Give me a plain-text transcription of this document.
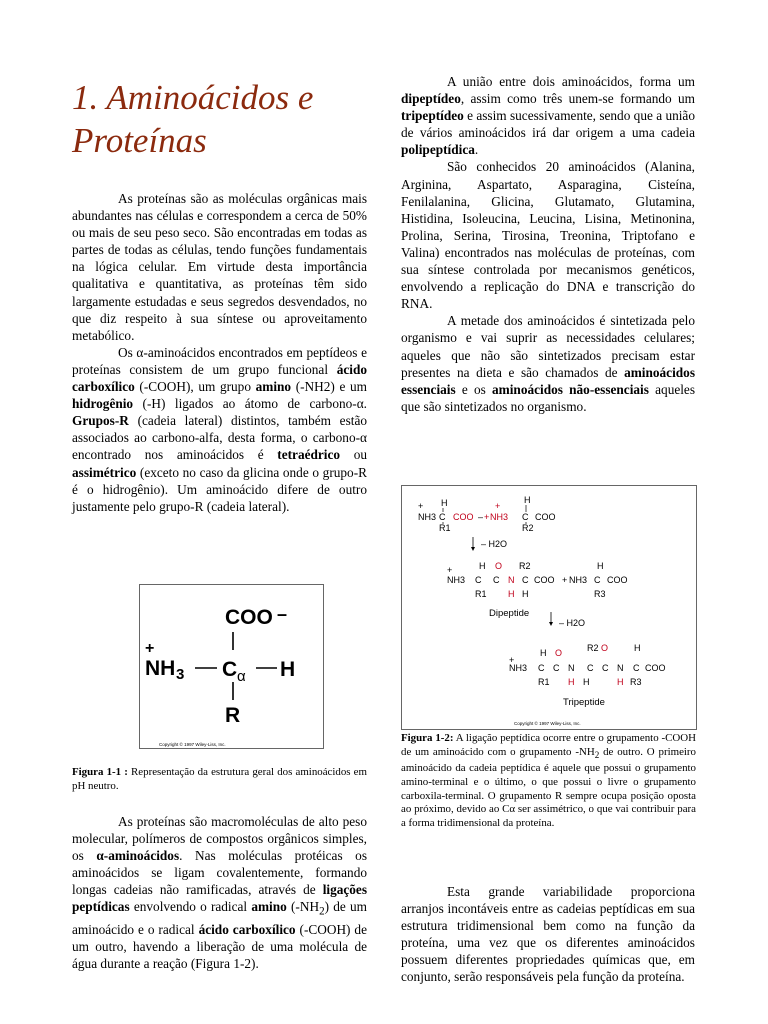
1. Aminoácidos e Proteínas

As proteínas são as moléculas orgânicas mais abundantes nas células e correspondem a cerca de 50% ou mais de seu peso seco. São encontradas em todas as partes de todas as células, tendo funções fundamentais na lógica celular. Em virtude desta importância qualitativa e quantitativa, as proteínas têm sido largamente estudadas e seus segredos desvendados, no que diz respeito à sua síntese ou aproveitamento metabólico.

Os α-aminoácidos encontrados em peptídeos e proteínas consistem de um grupo funcional ácido carboxílico (-COOH), um grupo amino (-NH2) e um hidrogênio (-H) ligados ao átomo de carbono-α. Grupos-R (cadeia lateral) distintos, também estão associados ao carbono-alfa, desta forma, o carbono-α encontrado nos aminoácidos é tetraédrico ou assimétrico (exceto no caso da glicina onde o grupo-R é o hidrogênio). Um aminoácido difere de outro justamente pelo grupo-R (cadeia lateral).

COO –
+
NH 3 C α H
R
Copyright © 1997 Wiley-Liss, Inc.
Figura 1-1 : Representação da estrutura geral dos aminoácidos em pH neutro.

As proteínas são macromoléculas de alto peso molecular, polímeros de compostos orgânicos simples, os α-aminoácidos. Nas moléculas protéicas os aminoácidos se ligam covalentemente, formando longas cadeias não ramificadas, através de ligações peptídicas envolvendo o radical amino $(-NH_2)$ de um aminoácido e o radical ácido carboxílico (-COOH) de um outro, havendo a liberação de uma molécula de água durante a reação (Figura 1-2).

A união entre dois aminoácidos, forma um dipeptídeo, assim como três unem-se formando um tripeptídeo e assim sucessivamente, sendo que a união de vários aminoácidos irá dar origem a uma cadeia polipeptídica.

São conhecidos 20 aminoácidos (Alanina, Arginina, Aspartato, Asparagina, Cisteína, Fenilalanina, Glicina, Glutamato, Glutamina, Histidina, Isoleucina, Leucina, Lisina, Metinonina, Prolina, Serina, Tirosina, Treonina, Triptofano e Valina) encontrados nas moléculas de proteínas, com sua síntese controlada por mecanismos genéticos, envolvendo a replicação do DNA e transcrição do RNA.

A metade dos aminoácidos é sintetizada pelo organismo e vai suprir as necessidades celulares; aqueles que não são sintetizados precisam estar presentes na dieta e são chamados de aminoácidos essenciais e os aminoácidos não-essenciais aqueles que são sintetizados no organismo.

+ H
NH3 C COO – + NH3
+
H
C COO
R1	R2
– H2O
+	H O R2
NH3 C C N C COO + NH3
H
C COO
R1 H H	R3
Dipeptide
– H2O
+
H O	R2 O	H
NH3 C C N C C N C COO
R1 H H	H R3
Tripeptide
Copyright © 1997 Wiley-Liss, Inc.
Figura 1-2: A ligação peptídica ocorre entre o grupamento -COOH de um aminoácido com o grupamento $-NH_2$ de outro. O primeiro aminoácido da cadeia peptídica é aquele que possui o grupamento amino-terminal e o último, o que possui o livre o grupamento carboxila-terminal. O grupamento R sempre ocupa posição oposta ao próximo, devido ao Cα ser assimétrico, o que vai contribuir para a forma tridimensional da proteína.

Esta grande variabilidade proporciona arranjos incontáveis entre as cadeias peptídicas em sua estrutura tridimensional bem como na função da proteína, uma vez que os diferentes aminoácidos possuem diferentes propriedades químicas que, em conjunto, serão responsáveis pela função da proteína.
